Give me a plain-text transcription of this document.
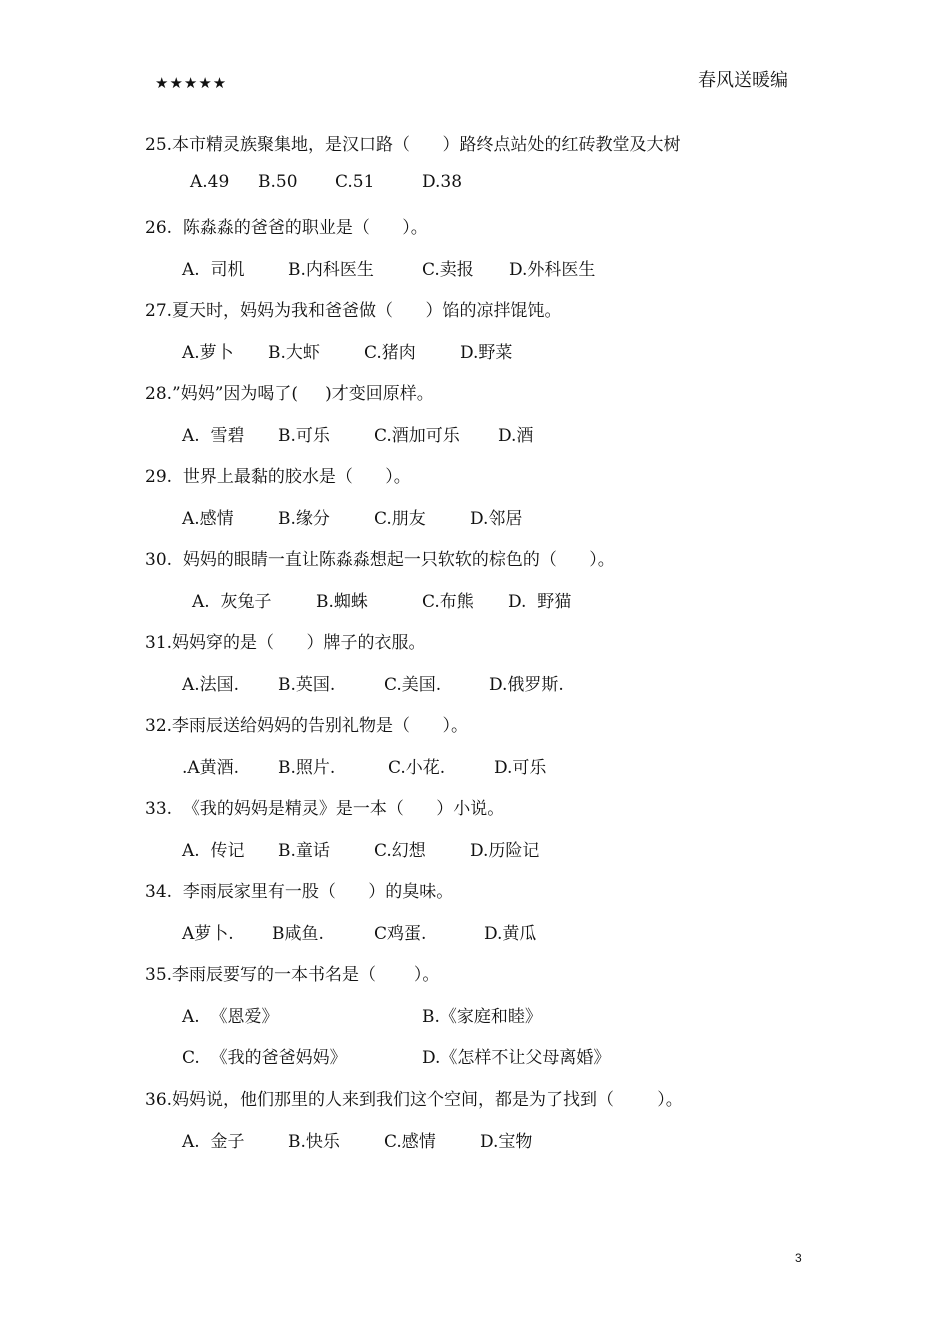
★★★★★	春风送暖编
25.本市精灵族聚集地，是汉口路（      ）路终点站处的红砖教堂及大树

A.49

B.50

C.51

	D.38

26.  陈淼淼的爸爸的职业是（      ）。

A.  司机

	B.内科医生

	C.卖报

D.外科医生

27.夏天时，妈妈为我和爸爸做（      ）馅的凉拌馄饨。

A.萝卜

B.大虾

	C.猪肉

	D.野菜

28.”妈妈”因为喝了(     )才变回原样。

A.  雪碧

B.可乐

	C.酒加可乐

D.酒

29.  世界上最黏的胶水是（      ）。

A.感情

	B.缘分

	C.朋友

	D.邻居

30.  妈妈的眼睛一直让陈淼淼想起一只软软的棕色的（      ）。

A.  灰兔子

	B.蜘蛛

	C.布熊

D.  野猫

31.妈妈穿的是（      ）牌子的衣服。

A.法国.

B.英国.

	C.美国.

	D.俄罗斯.

32.李雨辰送给妈妈的告别礼物是（      ）。

.A黄酒.

B.照片.

	C.小花.

	D.可乐

33.  《我的妈妈是精灵》是一本（      ）小说。

A.  传记

B.童话

	C.幻想

	D.历险记

34.  李雨辰家里有一股（      ）的臭味。

A萝卜.

B咸鱼.

	C鸡蛋.

	D.黄瓜

35.李雨辰要写的一本书名是（       ）。

A.  《恩爱》

	B.《家庭和睦》

C.  《我的爸爸妈妈》

	D.《怎样不让父母离婚》

36.妈妈说，他们那里的人来到我们这个空间，都是为了找到（        ）。

A.  金子

	B.快乐

	C.感情

	D.宝物

3
